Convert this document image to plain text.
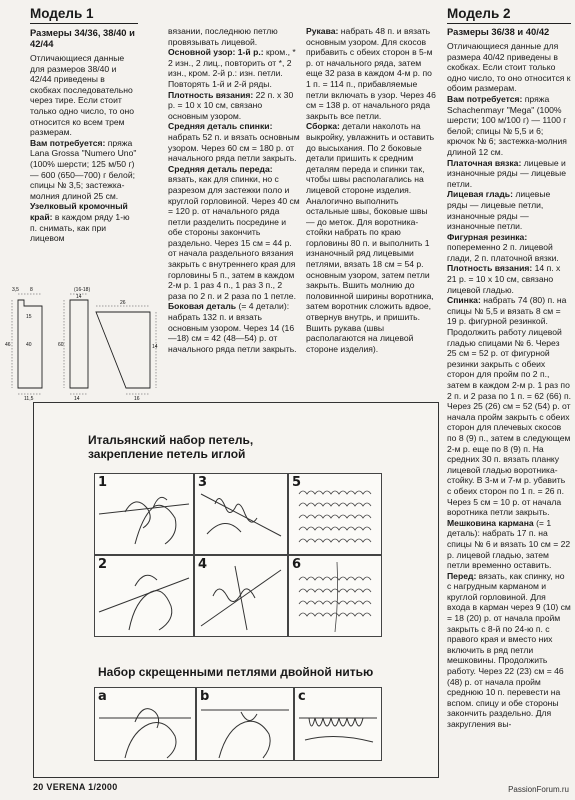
Модель 1
Размеры 34/36, 38/40 и 42/44

Отличающиеся данные для размеров 38/40 и 42/44 приведены в скобках последовательно через тире. Если стоит только одно число, то оно относится ко всем трем размерам.

Вам потребуется: пряжа Lana Grossa "Numero Uno" (100% шерсти; 125 м/50 г) — 600 (650—700) г белой; спицы № 3,5; застежка-молния длиной 25 см.

Узелковый кромочный край: в каждом ряду 1-ю п. снимать, как при лицевом

вязании, последнюю петлю провязывать лицевой.

Основной узор: 1-й р.: кром., * 2 изн., 2 лиц., повторить от *, 2 изн., кром. 2-й р.: изн. петли. Повторять 1-й и 2-й ряды.

Плотность вязания: 22 п. x 30 р. = 10 x 10 см, связано основным узором.

Средняя деталь спинки: набрать 52 п. и вязать основным узором. Через 60 см = 180 р. от начального ряда петли закрыть.

Средняя деталь переда: вязать, как для спинки, но с разрезом для застежки поло и круглой горловиной. Через 40 см = 120 р. от начального ряда петли разделить посредине и обе стороны закончить раздельно. Через 15 см = 44 р. от начала раздельного вязания закрыть с внутреннего края для горловины 5 п., затем в каждом 2-м р. 1 раз 4 п., 1 раз 3 п., 2 раза по 2 п. и 2 раза по 1 петле.

Боковая деталь (= 4 детали): набрать 132 п. и вязать основным узором. Через 14 (16—18) см = 42 (48—54) р. от начального ряда петли закрыть.

Рукава: набрать 48 п. и вязать основным узором. Для скосов прибавить с обеих сторон в 5-м р. от начального ряда, затем еще 32 раза в каждом 4-м р. по 1 п. = 114 п., прибавляемые петли включать в узор. Через 46 см = 138 р. от начального ряда закрыть все петли.

Сборка: детали наколоть на выкройку, увлажнить и оставить до высыхания. По 2 боковые детали пришить к средним деталям переда и спинки так, чтобы швы располагались на лицевой стороне изделия. Аналогично выполнить остальные швы, боковые швы — до меток. Для воротника-стойки набрать по краю горловины 80 п. и выполнить 1 изнаночный ряд лицевыми петлями, вязать 18 см = 54 р. основным узором, затем петли закрыть. Вшить молнию до половинной ширины воротника, затем воротник сложить вдвое, отвернув внутрь, и пришить. Вшить рукава (швы располагаются на лицевой стороне изделия).

Модель 2
Размеры 36/38 и 40/42

Отличающиеся данные для размера 40/42 приведены в скобках. Если стоит только одно число, то оно относится к обоим размерам.

Вам потребуется: пряжа Schachenmayr "Mega" (100% шерсти; 100 м/100 г) — 1100 г белой; спицы № 5,5 и 6; крючок № 6; застежка-молния длиной 12 см.

Платочная вязка: лицевые и изнаночные ряды — лицевые петли.

Лицевая гладь: лицевые ряды — лицевые петли, изнаночные ряды — изнаночные петли.

Фигурная резинка: попеременно 2 п. лицевой глади, 2 п. платочной вязки.

Плотность вязания: 14 п. x 21 р. = 10 x 10 см, связано лицевой гладью.

Спинка: набрать 74 (80) п. на спицы № 5,5 и вязать 8 см = 19 р. фигурной резинкой. Продолжить работу лицевой гладью спицами № 6. Через 25 см = 52 р. от фигурной резинки закрыть с обеих сторон для пройм по 2 п., затем в каждом 2-м р. 1 раз по 2 п. и 2 раза по 1 п. = 62 (66) п. Через 25 (26) см = 52 (54) р. от начала пройм закрыть с обеих сторон для плечевых скосов по 8 (9) п., затем в следующем 2-м р. еще по 8 (9) п. На средних 30 п. вязать планку лицевой гладью воротника-стойку. В 3-м и 7-м р. убавить с обеих сторон по 1 п. = 26 п. Через 5 см = 10 р. от начала воротника петли закрыть.

Мешковина кармана (= 1 деталь): набрать 17 п. на спицы № 6 и вязать 10 см = 22 р. лицевой гладью, затем петли временно оставить.

Перед: вязать, как спинку, но с нагрудным карманом и круглой горловиной. Для входа в карман через 9 (10) см = 18 (20) р. от начала пройм закрыть с 8-й по 24-ю п. с правого края и вместо них включить в ряд петли мешковины. Продолжить работу. Через 22 (23) см = 46 (48) р. от начала пройм среднюю 10 п. перевести на вспом. спицу и обе стороны закончить раздельно. Для закругления вы-

3,5 8	(16-18)
14
26
46	40
15
60	14
16
11,5	14
Итальянский набор петель, закрепление петель иглой
1	3	5
2	4	6
Набор скрещенными петлями двойной нитью
a	b	c
20 VERENA 1/2000	PassionForum.ru
